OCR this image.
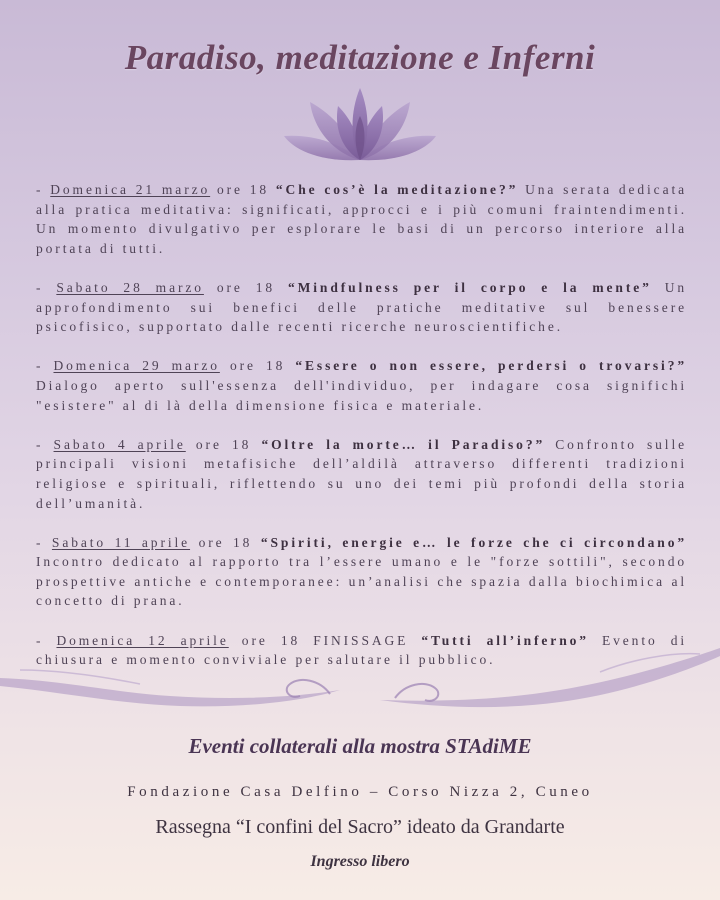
Paradiso, meditazione e Inferni

- Domenica 21 marzo ore 18 “Che cos’è la meditazione?” Una serata dedicata alla pratica meditativa: significati, approcci e i più comuni fraintendimenti. Un momento divulgativo per esplorare le basi di un percorso interiore alla portata di tutti.

- Sabato 28 marzo ore 18 “Mindfulness per il corpo e la mente” Un approfondimento sui benefici delle pratiche meditative sul benessere psicofisico, supportato dalle recenti ricerche neuroscientifiche.

- Domenica 29 marzo ore 18 “Essere o non essere, perdersi o trovarsi?” Dialogo aperto sull'essenza dell'individuo, per indagare cosa significhi "esistere" al di là della dimensione fisica e materiale.

- Sabato 4 aprile ore 18 “Oltre la morte… il Paradiso?” Confronto sulle principali visioni metafisiche dell’aldilà attraverso differenti tradizioni religiose e spirituali, riflettendo su uno dei temi più profondi della storia dell’umanità.

- Sabato 11 aprile ore 18 “Spiriti, energie e… le forze che ci circondano” Incontro dedicato al rapporto tra l’essere umano e le "forze sottili", secondo prospettive antiche e contemporanee: un’analisi che spazia dalla biochimica al concetto di prana.

- Domenica 12 aprile ore 18 FINISSAGE “Tutti all’inferno” Evento di chiusura e momento conviviale per salutare il pubblico.

Eventi collaterali alla mostra STAdiME
Fondazione Casa Delfino – Corso Nizza 2, Cuneo
Rassegna “I confini del Sacro” ideato da Grandarte
Ingresso libero
